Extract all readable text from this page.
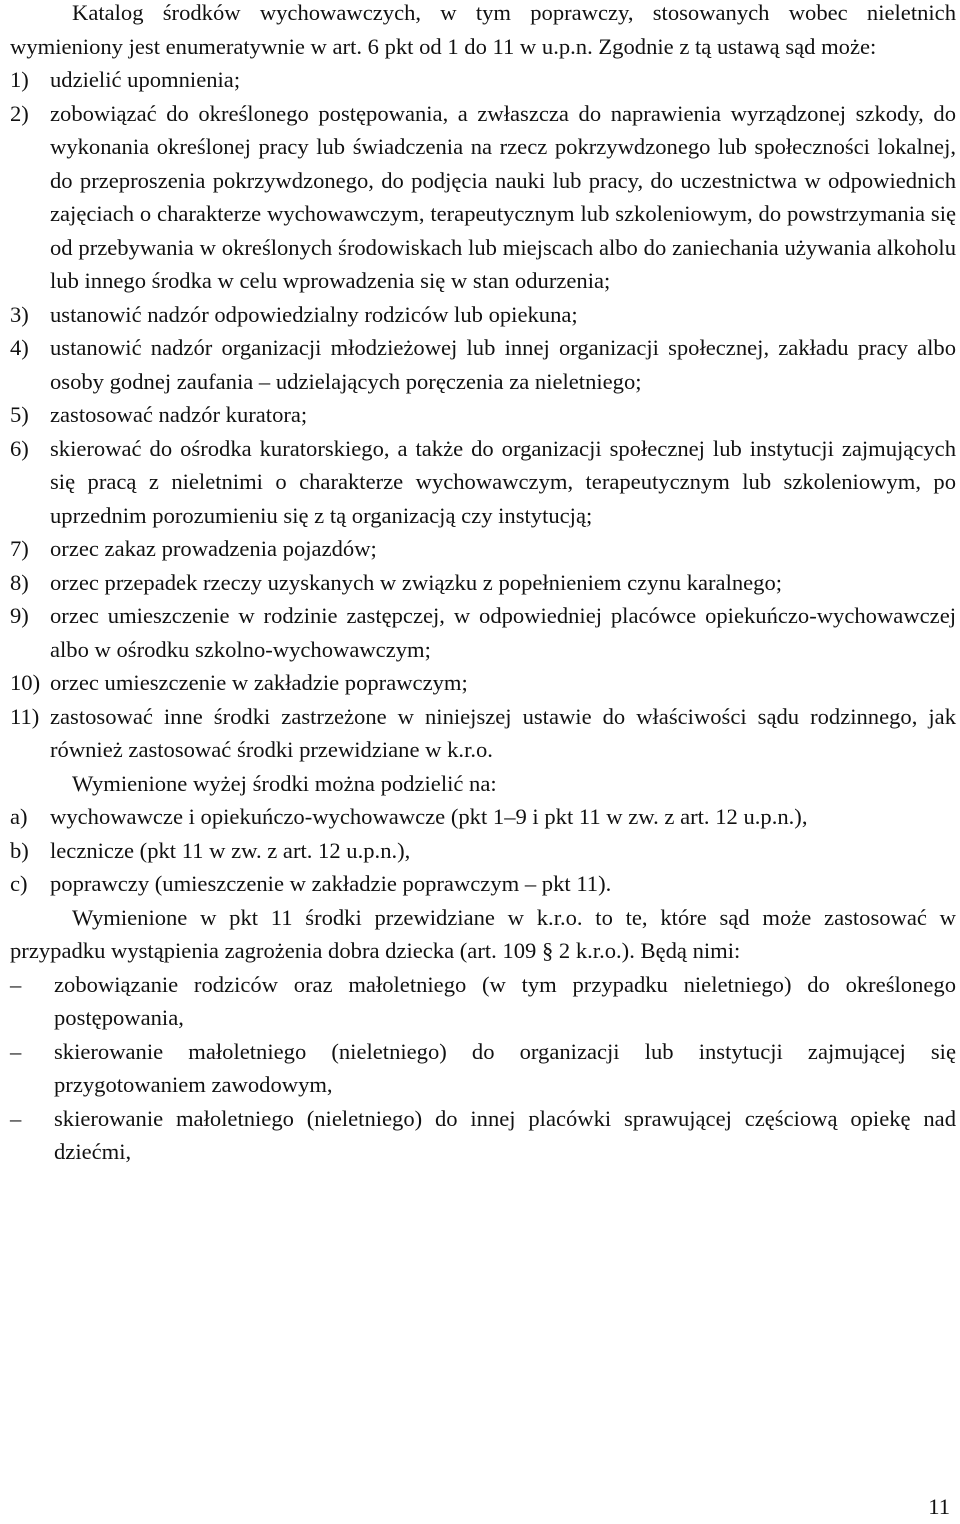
Katalog środków wychowawczych, w tym poprawczy, stosowanych wobec nieletnich wymieniony jest enumeratywnie w art. 6 pkt od 1 do 11 w u.p.n. Zgodnie z tą ustawą sąd może:

1) udzielić upomnienia;
2) zobowiązać do określonego postępowania, a zwłaszcza do naprawienia wyrządzonej szkody, do wykonania określonej pracy lub świadczenia na rzecz pokrzywdzonego lub społeczności lokalnej, do przeproszenia pokrzywdzonego, do podjęcia nauki lub pracy, do uczestnictwa w odpowiednich zajęciach o charakterze wychowawczym, terapeutycznym lub szkoleniowym, do powstrzymania się od przebywania w określonych środowiskach lub miejscach albo do zaniechania używania alkoholu lub innego środka w celu wprowadzenia się w stan odurzenia;
3) ustanowić nadzór odpowiedzialny rodziców lub opiekuna;
4) ustanowić nadzór organizacji młodzieżowej lub innej organizacji społecznej, zakładu pracy albo osoby godnej zaufania – udzielających poręczenia za nieletniego;
5) zastosować nadzór kuratora;
6) skierować do ośrodka kuratorskiego, a także do organizacji społecznej lub instytucji zajmujących się pracą z nieletnimi o charakterze wychowawczym, terapeutycznym lub szkoleniowym, po uprzednim porozumieniu się z tą organizacją czy instytucją;
7) orzec zakaz prowadzenia pojazdów;
8) orzec przepadek rzeczy uzyskanych w związku z popełnieniem czynu karalnego;
9) orzec umieszczenie w rodzinie zastępczej, w odpowiedniej placówce opiekuńczo-wychowawczej albo w ośrodku szkolno-wychowawczym;
10) orzec umieszczenie w zakładzie poprawczym;
11) zastosować inne środki zastrzeżone w niniejszej ustawie do właściwości sądu rodzinnego, jak również zastosować środki przewidziane w k.r.o.

Wymienione wyżej środki można podzielić na:

a) wychowawcze i opiekuńczo-wychowawcze (pkt 1–9 i pkt 11 w zw. z art. 12 u.p.n.),
b) lecznicze (pkt 11 w zw. z art. 12 u.p.n.),
c) poprawczy (umieszczenie w zakładzie poprawczym – pkt 11).

Wymienione w pkt 11 środki przewidziane w k.r.o. to te, które sąd może zastosować w przypadku wystąpienia zagrożenia dobra dziecka (art. 109 § 2 k.r.o.). Będą nimi:

–	zobowiązanie rodziców oraz małoletniego (w tym przypadku nieletniego) do określonego postępowania,
–	skierowanie małoletniego (nieletniego) do organizacji lub instytucji zajmującej się przygotowaniem zawodowym,
–	skierowanie małoletniego (nieletniego) do innej placówki sprawującej częściową opiekę nad dziećmi,
11
